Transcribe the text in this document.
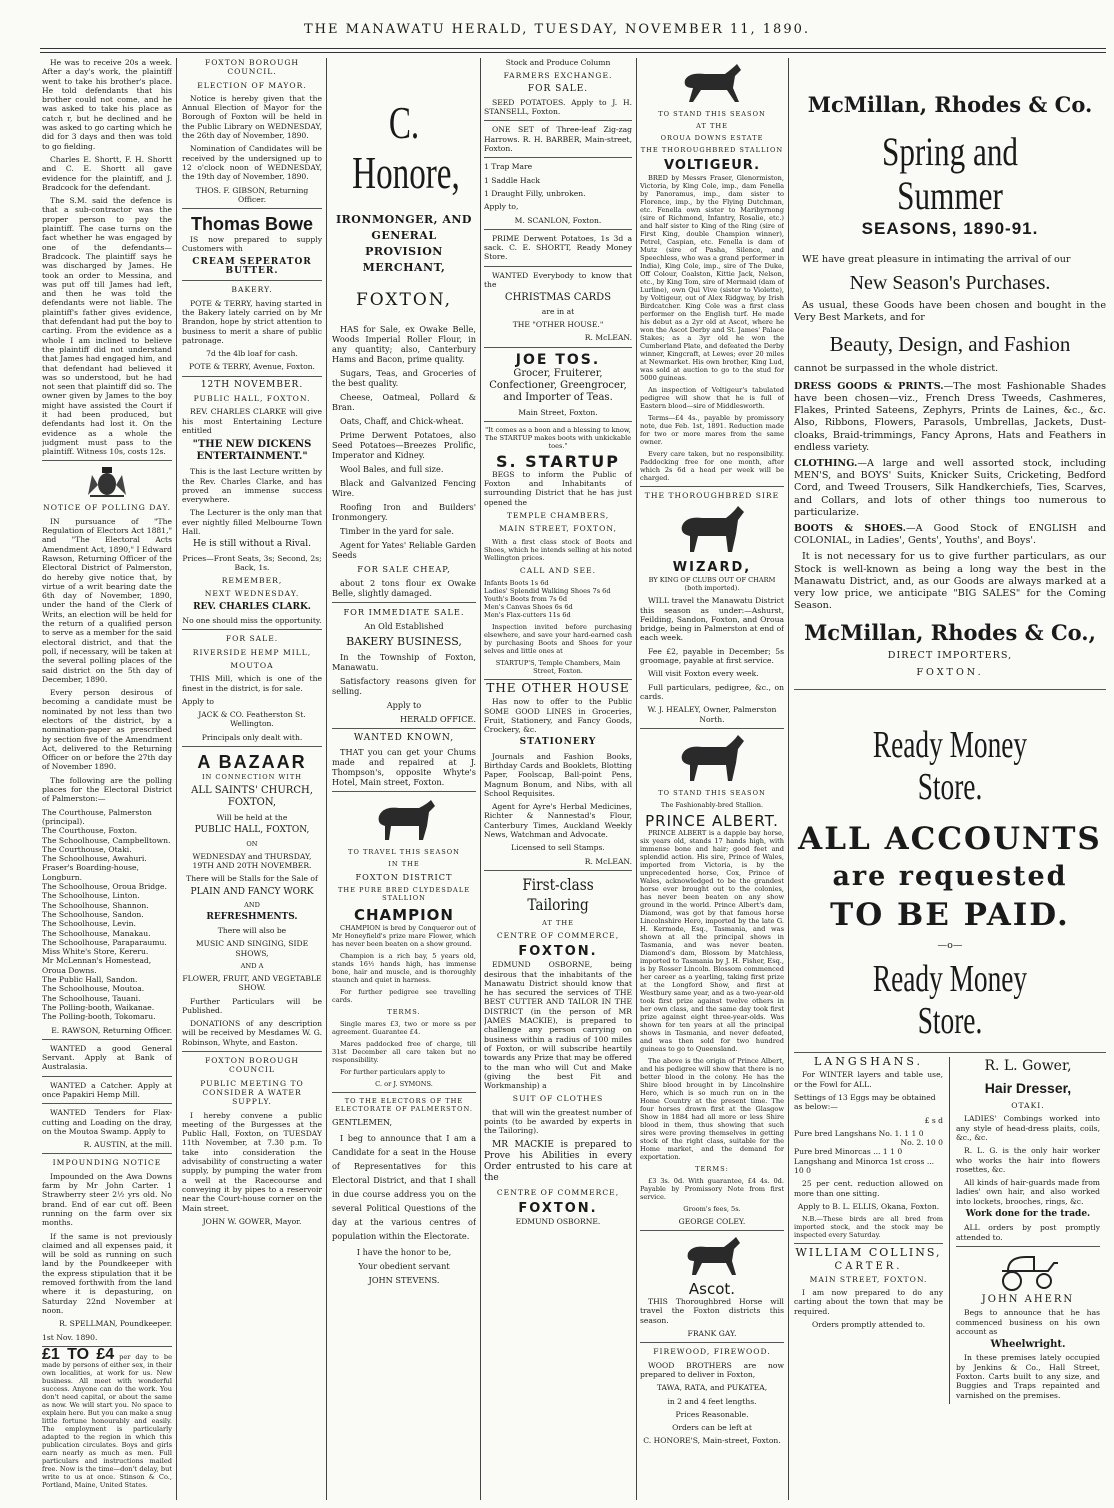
THE MANAWATU HERALD, TUESDAY, NOVEMBER 11, 1890.
He was to receive 20s a week. After a day's work, the plaintiff went to take his brother's place. He told defendants that his brother could not come, and he was asked to take his place as catch r, but he declined and he was asked to go carting which he did for 3 days and then was told to go fielding.
Charles E. Shortt, F. H. Shortt and C. E. Shortt all gave evidence for the plaintiff, and J. Bradcock for the defendant.
The S.M. said the defence is that a sub-contractor was the proper person to pay the plaintiff. The case turns on the fact whether he was engaged by one of the defendants—Bradcock. The plaintiff says he was discharged by James. He took an order to Messina, and was put off till James had left, and then he was told the defendants were not liable. The plaintiff's father gives evidence, that defendant had put the boy to carting. From the evidence as a whole I am inclined to believe the plaintiff did not understand that James had engaged him, and that defendant had believed it was so understood, but he had not seen that plaintiff did so. The owner given by James to the boy might have assisted the Court if it had been produced, but defendants had lost it. On the evidence as a whole the judgment must pass to the plaintiff. Witness 10s, costs 12s.
NOTICE OF POLLING DAY.
IN pursuance of "The Regulation of Electors Act 1881," and "The Electoral Acts Amendment Act, 1890," I Edward Rawson, Returning Officer of the Electoral District of Palmerston, do hereby give notice that, by virtue of a writ bearing date the 6th day of November, 1890, under the hand of the Clerk of Writs, an election will be held for the return of a qualified person to serve as a member for the said electoral district, and that the poll, if necessary, will be taken at the several polling places of the said district on the 5th day of December, 1890.
Every person desirous of becoming a candidate must be nominated by not less than two electors of the district, by a nomination-paper as prescribed by section five of the Amendment Act, delivered to the Returning Officer on or before the 27th day of November 1890.
The following are the polling places for the Electoral District of Palmerston:—
The Courthouse, Palmerston (principal).
The Courthouse, Foxton.
The Schoolhouse, Campbelltown.
The Courthouse, Otaki.
The Schoolhouse, Awahuri.
Fraser's Boarding-house, Longburn.
The Schoolhouse, Oroua Bridge.
The Schoolhouse, Linton.
The Schoolhouse, Shannon.
The Schoolhouse, Sandon.
The Schoolhouse, Levin.
The Schoolhouse, Manakau.
The Schoolhouse, Paraparaumu.
Miss White's Store, Kereru.
Mr McLennan's Homestead, Oroua Downs.
The Public Hall, Sandon.
The Schoolhouse, Moutoa.
The Schoolhouse, Tauani.
The Polling-booth, Waikanae.
The Polling-booth, Tokomaru.
E. RAWSON, Returning Officer.
WANTED a good General Servant. Apply at Bank of Australasia.
WANTED a Catcher. Apply at once Papakiri Hemp Mill.
WANTED Tenders for Flax-cutting and Loading on the dray, on the Moutoa Swamp. Apply to
R. AUSTIN, at the mill.
IMPOUNDING NOTICE
Impounded on the Awa Downs farm by Mr John Carter. 1 Strawberry steer 2½ yrs old. No brand. End of ear cut off. Been running on the farm over six months.
If the same is not previously claimed and all expenses paid, it will be sold as running on such land by the Poundkeeper with the express stipulation that it be removed forthwith from the land where it is depasturing, on Saturday 22nd November at noon.
R. SPELLMAN, Poundkeeper.
1st Nov. 1890.
£1 TO £4 per day to be made by persons of either sex, in their own localities, at work for us. New business. All meet with wonderful success. Anyone can do the work. You don't need capital, or about the same as now. We will start you. No space to explain here. But you can make a snug little fortune honourably and easily. The employment is particularly adapted to the region in which this publication circulates. Boys and girls earn nearly as much as men. Full particulars and instructions mailed free. Now is the time—don't delay, but write to us at once. Stinson & Co., Portland, Maine, United States.
FOXTON BOROUGH COUNCIL.
ELECTION OF MAYOR.
Notice is hereby given that the Annual Election of Mayor for the Borough of Foxton will be held in the Public Library on WEDNESDAY, the 26th day of November, 1890.
Nomination of Candidates will be received by the undersigned up to 12 o'clock noon of WEDNESDAY, the 19th day of November, 1890.
THOS. F. GIBSON, Returning Officer.
Thomas Bowe
IS now prepared to supply Customers with
CREAM SEPERATOR BUTTER.
BAKERY.
POTE & TERRY, having started in the Bakery lately carried on by Mr Brandon, hope by strict attention to business to merit a share of public patronage.
7d the 4lb loaf for cash.
POTE & TERRY, Avenue, Foxton.
12TH NOVEMBER.
PUBLIC HALL, FOXTON.
REV. CHARLES CLARKE will give his most Entertaining Lecture entitled
"THE NEW DICKENS ENTERTAINMENT."
This is the last Lecture written by the Rev. Charles Clarke, and has proved an immense success everywhere.
The Lecturer is the only man that ever nightly filled Melbourne Town Hall.
He is still without a Rival.
Prices—Front Seats, 3s; Second, 2s; Back, 1s.
REMEMBER,
NEXT WEDNESDAY.
REV. CHARLES CLARK.
No one should miss the opportunity.
FOR SALE.
RIVERSIDE HEMP MILL,
MOUTOA
THIS Mill, which is one of the finest in the district, is for sale.
Apply to
JACK & CO. Featherston St. Wellington.
Principals only dealt with.
A BAZAAR
IN CONNECTION WITH
ALL SAINTS' CHURCH, FOXTON,
Will be held at the
PUBLIC HALL, FOXTON,
ON
WEDNESDAY and THURSDAY, 19TH AND 20TH NOVEMBER.
There will be Stalls for the Sale of
PLAIN AND FANCY WORK
AND
REFRESHMENTS.
There will also be
MUSIC AND SINGING, SIDE SHOWS,
AND A
FLOWER, FRUIT, AND VEGETABLE SHOW.
Further Particulars will be Published.
DONATIONS of any description will be received by Mesdames W. G. Robinson, Whyte, and Easton.
FOXTON BOROUGH COUNCIL
PUBLIC MEETING TO CONSIDER A WATER SUPPLY.
I hereby convene a public meeting of the Burgesses at the Public Hall, Foxton, on TUESDAY 11th November, at 7.30 p.m. To take into consideration the advisability of constructing a water supply, by pumping the water from a well at the Racecourse and conveying it by pipes to a reservoir near the Court-house corner on the Main street.
JOHN W. GOWER, Mayor.
C. Honore,
IRONMONGER, AND GENERAL PROVISION MERCHANT,
FOXTON,
HAS for Sale, ex Owake Belle, Woods Imperial Roller Flour, in any quantity; also, Canterbury Hams and Bacon, prime quality.
Sugars, Teas, and Groceries of the best quality.
Cheese, Oatmeal, Pollard & Bran.
Oats, Chaff, and Chick-wheat.
Prime Derwent Potatoes, also Seed Potatoes—Breezes Prolific, Imperator and Kidney.
Wool Bales, and full size.
Black and Galvanized Fencing Wire.
Roofing Iron and Builders' Ironmongery.
Timber in the yard for sale.
Agent for Yates' Reliable Garden Seeds
FOR SALE CHEAP,
about 2 tons flour ex Owake Belle, slightly damaged.
FOR IMMEDIATE SALE.
An Old Established
BAKERY BUSINESS,
In the Township of Foxton, Manawatu.
Satisfactory reasons given for selling.
Apply to
HERALD OFFICE.
WANTED KNOWN,
THAT you can get your Chums made and repaired at J. Thompson's, opposite Whyte's Hotel, Main street, Foxton.
TO TRAVEL THIS SEASON
IN THE
FOXTON DISTRICT
THE PURE BRED CLYDESDALE STALLION
CHAMPION
CHAMPION is bred by Conqueror out of Mr Honeyfield's prize mare Flower, which has never been beaten on a show ground.
Champion is a rich bay, 5 years old, stands 16½ hands high, has immense bone, hair and muscle, and is thoroughly staunch and quiet in harness.
For further pedigree see travelling cards.
TERMS.
Single mares £3, two or more ss per agreement. Guarantee £4.
Mares paddocked free of charge, till 31st December all care taken but no responsibility.
For further particulars apply to
C. or J. SYMONS.
TO THE ELECTORS OF THE ELECTORATE OF PALMERSTON.
GENTLEMEN,
I beg to announce that I am a Candidate for a seat in the House of Representatives for this Electoral District, and that I shall in due course address you on the several Political Questions of the day at the various centres of population within the Electorate.
I have the honor to be,
Your obedient servant
JOHN STEVENS.
Stock and Produce Column
FARMERS EXCHANGE.
FOR SALE.
SEED POTATOES. Apply to J. H. STANSELL, Foxton.
ONE SET of Three-leaf Zig-zag Harrows. R. H. BARBER, Main-street, Foxton.
1 Trap Mare
1 Saddle Hack
1 Draught Filly, unbroken.
Apply to,
M. SCANLON, Foxton.
PRIME Derwent Potatoes, 1s 3d a sack. C. E. SHORTT, Ready Money Store.
WANTED Everybody to know that the
CHRISTMAS CARDS
are in at
THE "OTHER HOUSE."
R. McLEAN.
JOE TOS.
Grocer, Fruiterer, Confectioner, Greengrocer, and Importer of Teas.
Main Street, Foxton.
"It comes as a boon and a blessing to know, The STARTUP makes boots with unkickable toes."
S. STARTUP
BEGS to inform the Public of Foxton and Inhabitants of surrounding District that he has just opened the
TEMPLE CHAMBERS,
MAIN STREET, FOXTON,
With a first class stock of Boots and Shoes, which he intends selling at his noted Wellington prices.
CALL AND SEE.
Infants Boots 1s 6d
Ladies' Splendid Walking Shoes 7s 6d
Youth's Boots from 7s 6d
Men's Canvas Shoes 6s 6d
Men's Flax-cutters 11s 6d
Inspection invited before purchasing elsewhere, and save your hard-earned cash by purchasing Boots and Shoes for your selves and little ones at
STARTUP'S, Temple Chambers, Main Street, Foxton.
THE OTHER HOUSE
Has now to offer to the Public SOME GOOD LINES in Groceries, Fruit, Stationery, and Fancy Goods, Crockery, &c.
STATIONERY
Journals and Fashion Books, Birthday Cards and Booklets, Blotting Paper, Foolscap, Ball-point Pens, Magnum Bonum, and Nibs, with all School Requisites.
Agent for Ayre's Herbal Medicines, Richter & Nannestad's Flour, Canterbury Times, Auckland Weekly News, Watchman and Advocate.
Licensed to sell Stamps.
R. McLEAN.
First-class Tailoring
AT THE
CENTRE OF COMMERCE,
FOXTON.
EDMUND OSBORNE, being desirous that the inhabitants of the Manawatu District should know that he has secured the services of THE BEST CUTTER AND TAILOR IN THE DISTRICT (in the person of MR JAMES MACKIE), is prepared to challenge any person carrying on business within a radius of 100 miles of Foxton, or will subscribe heartily towards any Prize that may be offered to the man who will Cut and Make (giving the best Fit and Workmanship) a
SUIT OF CLOTHES
that will win the greatest number of points (to be awarded by experts in the Tailoring).
MR MACKIE is prepared to Prove his Abilities in every Order entrusted to his care at the
CENTRE OF COMMERCE,
FOXTON.
EDMUND OSBORNE.
TO STAND THIS SEASON
AT THE
OROUA DOWNS ESTATE
THE THOROUGHBRED STALLION
VOLTIGEUR.
BRED by Messrs Fraser, Glenormiston, Victoria, by King Cole, imp., dam Fenella by Panoramus, imp., dam sister to Florence, imp., by the Flying Dutchman, etc. Fenella own sister to Maribyrnong (sire of Richmond, Infantry, Rosalie, etc.) and half sister to King of the Ring (sire of First King, double Champion winner), Petrel, Caspian, etc. Fenella is dam of Mutz (sire of Pasha, Silence, and Speechless, who was a grand performer in India), King Cole, imp., sire of The Duke, Off Colour, Coalston, Kittie Jack, Nelson, etc., by King Tom, sire of Mermaid (dam of Lurline), own Qui Vive (sister to Violette), by Voltigeur, out of Alex Ridgway, by Irish Birdcatcher. King Cole was a first class performer on the English turf. He made his debut as a 2yr old at Ascot, where he won the Ascot Derby and St. James' Palace Stakes; as a 3yr old he won the Cumberland Plate, and defeated the Derby winner, Kingcraft, at Lewes; ever 20 miles at Newmarket. His own brother, King Lud, was sold at auction to go to the stud for 5000 guineas.
An inspection of Voltigeur's tabulated pedigree will show that he is full of Eastern blood—sire of Middlesworth.
Terms—£4 4s., payable by promissory note, due Feb. 1st, 1891. Reduction made for two or more mares from the same owner.
Every care taken, but no responsibility. Paddocking free for one month, after which 2s 6d a head per week will be charged.
THE THOROUGHBRED SIRE
WIZARD,
BY KING OF CLUBS OUT OF CHARM (both imported).
WILL travel the Manawatu District this season as under:—Ashurst, Feilding, Sandon, Foxton, and Oroua bridge, being in Palmerston at end of each week.
Fee £2, payable in December; 5s groomage, payable at first service.
Will visit Foxton every week.
Full particulars, pedigree, &c., on cards.
W. J. HEALEY, Owner, Palmerston North.
TO STAND THIS SEASON
The Fashionably-bred Stallion.
PRINCE ALBERT.
PRINCE ALBERT is a dapple bay horse, six years old, stands 17 hands high, with immense bone and hair; good feet and splendid action. His sire, Prince of Wales, imported from Victoria, is by the unprecedented horse, Cox, Prince of Wales, acknowledged to be the grandest horse ever brought out to the colonies, has never been beaten on any show ground in the world. Prince Albert's dam, Diamond, was got by that famous horse Lincolnshire Hero, imported by the late G. H. Kermode, Esq., Tasmania, and was shown at all the principal shows in Tasmania, and was never beaten. Diamond's dam, Blossom by Matchless, imported to Tasmania by J. H. Fisher, Esq., is by Rosser Lincoln. Blossom commenced her career as a yearling, taking first prize at the Longford Show, and first at Westbury same year, and as a two-year-old took first prize against twelve others in her own class, and the same day took first prize against eight three-year-olds. Was shown for ten years at all the principal shows in Tasmania, and never defeated, and was then sold for two hundred guineas to go to Queensland.
The above is the origin of Prince Albert, and his pedigree will show that there is no better blood in the colony. He has the Shire blood brought in by Lincolnshire Hero, which is so much run on in the Home Country at the present time. The four horses drawn first at the Glasgow Show in 1884 had all more or less Shire blood in them, thus showing that such sires were proving themselves in getting stock of the right class, suitable for the Home market, and the demand for exportation.
TERMS:
£3 3s. 0d. With guarantee, £4 4s. 0d. Payable by Promissory Note from first service.
Groom's fees, 5s.
GEORGE COLEY.
Ascot.
THIS Thoroughbred Horse will travel the Foxton districts this season.
FRANK GAY.
FIREWOOD, FIREWOOD.
WOOD BROTHERS are now prepared to deliver in Foxton,
TAWA, RATA, and PUKATEA,
in 2 and 4 feet lengths.
Prices Reasonable.
Orders can be left at
C. HONORE'S, Main-street, Foxton.
McMillan, Rhodes & Co.
Spring and Summer
SEASONS, 1890-91.
WE have great pleasure in intimating the arrival of our
New Season's Purchases.
As usual, these Goods have been chosen and bought in the Very Best Markets, and for
Beauty, Design, and Fashion
cannot be surpassed in the whole district.
DRESS GOODS & PRINTS.—The most Fashionable Shades have been chosen—viz., French Dress Tweeds, Cashmeres, Flakes, Printed Sateens, Zephyrs, Prints de Laines, &c., &c. Also, Ribbons, Flowers, Parasols, Umbrellas, Jackets, Dust-cloaks, Braid-trimmings, Fancy Aprons, Hats and Feathers in endless variety.
CLOTHING.—A large and well assorted stock, including MEN'S, and BOYS' Suits, Knicker Suits, Cricketing, Bedford Cord, and Tweed Trousers, Silk Handkerchiefs, Ties, Scarves, and Collars, and lots of other things too numerous to particularize.
BOOTS & SHOES.—A Good Stock of ENGLISH and COLONIAL, in Ladies', Gents', Youths', and Boys'.
It is not necessary for us to give further particulars, as our Stock is well-known as being a long way the best in the Manawatu District, and, as our Goods are always marked at a very low price, we anticipate "BIG SALES" for the Coming Season.
McMillan, Rhodes & Co.,
DIRECT IMPORTERS,
FOXTON.
Ready Money Store.
ALL ACCOUNTS
are requested
TO BE PAID.
—o—
Ready Money Store.
LANGSHANS.
For WINTER layers and table use, or the Fowl for ALL.
Settings of 13 Eggs may be obtained as below:—
£ s d
Pure bred Langshans No. 1. 1 1 0
No. 2. 10 0
Pure bred Minorcas ... 1 1 0
Langshang and Minorca 1st cross ... 10 0
25 per cent. reduction allowed on more than one sitting.
Apply to B. L. ELLIS, Okana, Foxton.
N.B.—These birds are all bred from imported stock, and the stock may be inspected every Saturday.
WILLIAM COLLINS,
CARTER.
MAIN STREET, FOXTON.
I am now prepared to do any carting about the town that may be required.
Orders promptly attended to.
R. L. Gower,
Hair Dresser,
OTAKI.
LADIES' Combings worked into any style of head-dress plaits, coils, &c., &c.
R. L. G. is the only hair worker who works the hair into flowers rosettes, &c.
All kinds of hair-guards made from ladies' own hair, and also worked into lockets, brooches, rings, &c.
Work done for the trade.
ALL orders by post promptly attended to.
JOHN AHERN
Begs to announce that he has commenced business on his own account as
Wheelwright.
In these premises lately occupied by Jenkins & Co., Hall Street, Foxton. Carts built to any size, and Buggies and Traps repainted and varnished on the premises.
